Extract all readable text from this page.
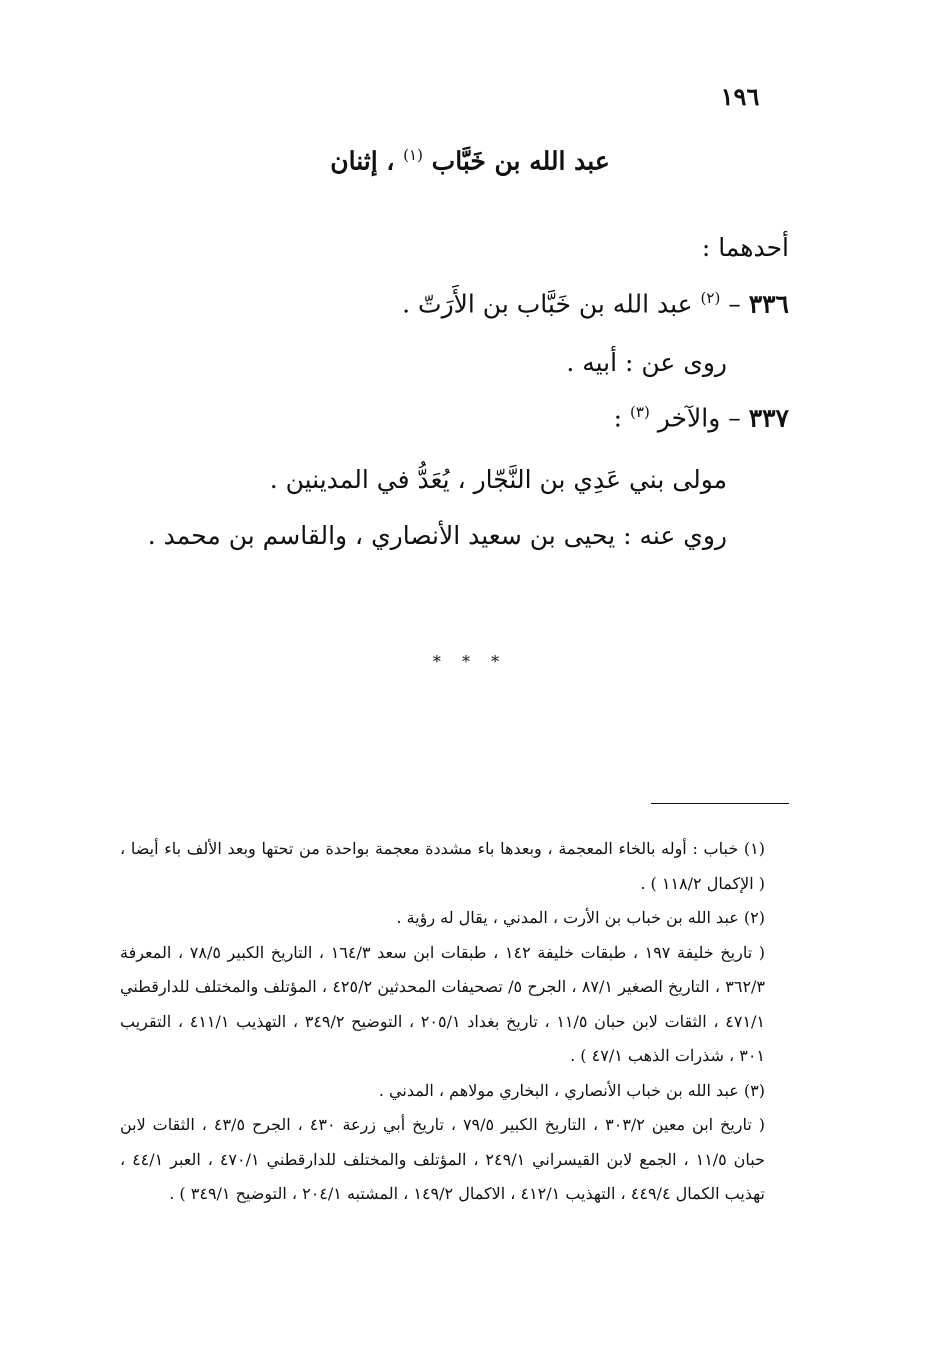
١٩٦
عبد الله بن خَبَّاب $^{(١)}$ ، إثنان
أحدهما :
٣٣٦ – $^{(٢)}$ عبد الله بن خَبَّاب بن الأَرَتّ .
روى عن : أبيه .
٣٣٧ – والآخر $^{(٣)}$ :
مولى بني عَدِي بن النَّجّار ، يُعَدُّ في المدينين .
روي عنه : يحيى بن سعيد الأنصاري ، والقاسم بن محمد .
* * *

(١) خباب : أوله بالخاء المعجمة ، وبعدها باء مشددة معجمة بواحدة من تحتها وبعد الألف باء أيضا ، ( الإكمال ١١٨/٢ ) .

(٢) عبد الله بن خباب بن الأرت ، المدني ، يقال له رؤية .

( تاريخ خليفة ١٩٧ ، طبقات خليفة ١٤٢ ، طبقات ابن سعد ١٦٤/٣ ، التاريخ الكبير ٧٨/٥ ، المعرفة ٣٦٢/٣ ، التاريخ الصغير ٨٧/١ ، الجرح ٥/ تصحيفات المحدثين ٤٢٥/٢ ، المؤتلف والمختلف للدارقطني ٤٧١/١ ، الثقات لابن حبان ١١/٥ ، تاريخ بغداد ٢٠٥/١ ، التوضيح ٣٤٩/٢ ، التهذيب ٤١١/١ ، التقريب ٣٠١ ، شذرات الذهب ٤٧/١ ) .

(٣) عبد الله بن خباب الأنصاري ، البخاري مولاهم ، المدني .

( تاريخ ابن معين ٣٠٣/٢ ، التاريخ الكبير ٧٩/٥ ، تاريخ أبي زرعة ٤٣٠ ، الجرح ٤٣/٥ ، الثقات لابن حبان ١١/٥ ، الجمع لابن القيسراني ٢٤٩/١ ، المؤتلف والمختلف للدارقطني ٤٧٠/١ ، العبر ٤٤/١ ، تهذيب الكمال ٤٤٩/٤ ، التهذيب ٤١٢/١ ، الاكمال ١٤٩/٢ ، المشتبه ٢٠٤/١ ، التوضيح ٣٤٩/١ ) .
